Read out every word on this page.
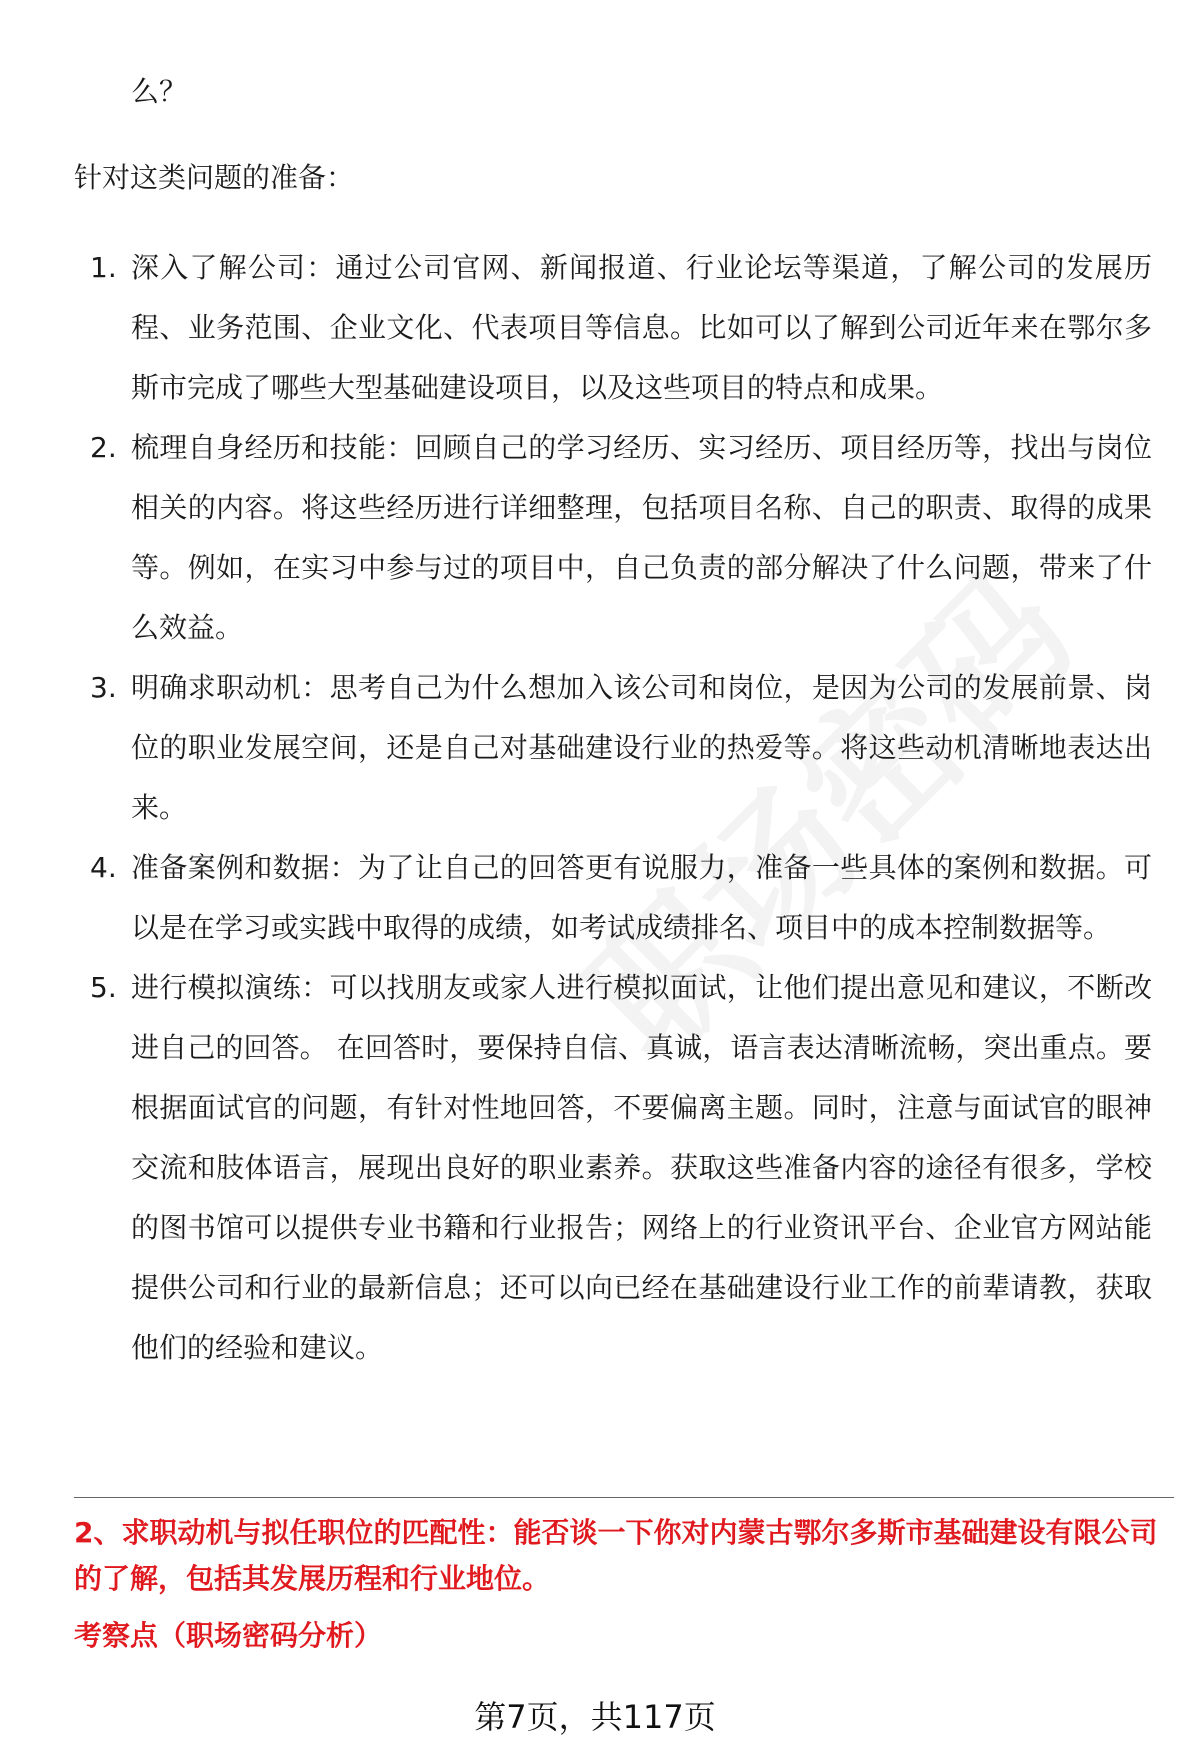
么？

针对这类问题的准备：

1. 深入了解公司：通过公司官网、新闻报道、行业论坛等渠道，了解公司的发展历程、业务范围、企业文化、代表项目等信息。比如可以了解到公司近年来在鄂尔多斯市完成了哪些大型基础建设项目，以及这些项目的特点和成果。
2. 梳理自身经历和技能：回顾自己的学习经历、实习经历、项目经历等，找出与岗位相关的内容。将这些经历进行详细整理，包括项目名称、自己的职责、取得的成果等。例如，在实习中参与过的项目中，自己负责的部分解决了什么问题，带来了什么效益。
3. 明确求职动机：思考自己为什么想加入该公司和岗位，是因为公司的发展前景、岗位的职业发展空间，还是自己对基础建设行业的热爱等。将这些动机清晰地表达出来。
4. 准备案例和数据：为了让自己的回答更有说服力，准备一些具体的案例和数据。可以是在学习或实践中取得的成绩，如考试成绩排名、项目中的成本控制数据等。
5. 进行模拟演练：可以找朋友或家人进行模拟面试，让他们提出意见和建议，不断改进自己的回答。 在回答时，要保持自信、真诚，语言表达清晰流畅，突出重点。要根据面试官的问题，有针对性地回答，不要偏离主题。同时，注意与面试官的眼神交流和肢体语言，展现出良好的职业素养。获取这些准备内容的途径有很多，学校的图书馆可以提供专业书籍和行业报告；网络上的行业资讯平台、企业官方网站能提供公司和行业的最新信息；还可以向已经在基础建设行业工作的前辈请教，获取他们的经验和建议。

2、求职动机与拟任职位的匹配性：能否谈一下你对内蒙古鄂尔多斯市基础建设有限公司的了解，包括其发展历程和行业地位。

考察点（职场密码分析）

第7页，共117页
